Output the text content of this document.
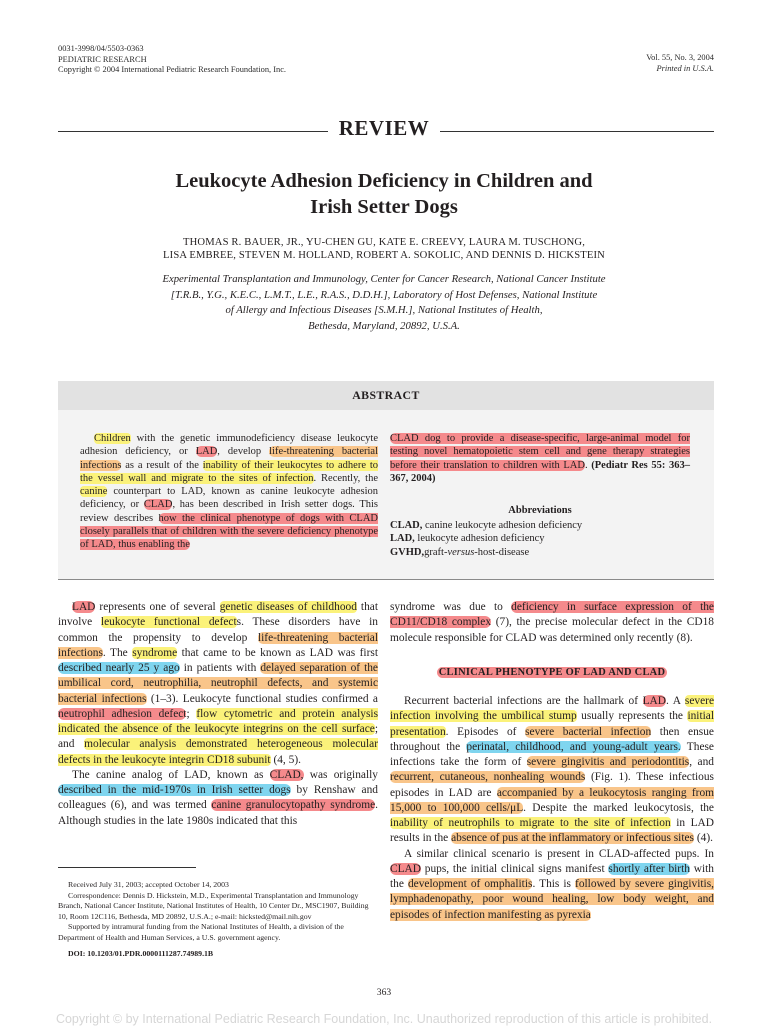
0031-3998/04/5503-0363
PEDIATRIC RESEARCH
Copyright © 2004 International Pediatric Research Foundation, Inc.
Vol. 55, No. 3, 2004
Printed in U.S.A.
REVIEW
Leukocyte Adhesion Deficiency in Children and
Irish Setter Dogs
THOMAS R. BAUER, JR., YU-CHEN GU, KATE E. CREEVY, LAURA M. TUSCHONG,
LISA EMBREE, STEVEN M. HOLLAND, ROBERT A. SOKOLIC, AND DENNIS D. HICKSTEIN
Experimental Transplantation and Immunology, Center for Cancer Research, National Cancer Institute
[T.R.B., Y.G., K.E.C., L.M.T., L.E., R.A.S., D.D.H.], Laboratory of Host Defenses, National Institute
of Allergy and Infectious Diseases [S.M.H.], National Institutes of Health,
Bethesda, Maryland, 20892, U.S.A.
ABSTRACT
Children with the genetic immunodeficiency disease leukocyte adhesion deficiency, or LAD, develop life-threatening bacterial infections as a result of the inability of their leukocytes to adhere to the vessel wall and migrate to the sites of infection. Recently, the canine counterpart to LAD, known as canine leukocyte adhesion deficiency, or CLAD, has been described in Irish setter dogs. This review describes how the clinical phenotype of dogs with CLAD closely parallels that of children with the severe deficiency phenotype of LAD, thus enabling the
CLAD dog to provide a disease-specific, large-animal model for testing novel hematopoietic stem cell and gene therapy strategies before their translation to children with LAD. (Pediatr Res 55: 363–367, 2004)
Abbreviations
CLAD, canine leukocyte adhesion deficiency
LAD, leukocyte adhesion deficiency
GVHD,graft-versus-host-disease

LAD represents one of several genetic diseases of childhood that involve leukocyte functional defects. These disorders have in common the propensity to develop life-threatening bacterial infections. The syndrome that came to be known as LAD was first described nearly 25 y ago in patients with delayed separation of the umbilical cord, neutrophilia, neutrophil defects, and systemic bacterial infections (1–3). Leukocyte functional studies confirmed a neutrophil adhesion defect; flow cytometric and protein analysis indicated the absence of the leukocyte integrins on the cell surface; and molecular analysis demonstrated heterogeneous molecular defects in the leukocyte integrin CD18 subunit (4, 5).

The canine analog of LAD, known as CLAD, was originally described in the mid-1970s in Irish setter dogs by Renshaw and colleagues (6), and was termed canine granulocytopathy syndrome. Although studies in the late 1980s indicated that this

syndrome was due to deficiency in surface expression of the CD11/CD18 complex (7), the precise molecular defect in the CD18 molecule responsible for CLAD was determined only recently (8).

CLINICAL PHENOTYPE OF LAD AND CLAD

Recurrent bacterial infections are the hallmark of LAD. A severe infection involving the umbilical stump usually represents the initial presentation. Episodes of severe bacterial infection then ensue throughout the perinatal, childhood, and young-adult years. These infections take the form of severe gingivitis and periodontitis, and recurrent, cutaneous, nonhealing wounds (Fig. 1). These infectious episodes in LAD are accompanied by a leukocytosis ranging from 15,000 to 100,000 cells/μL. Despite the marked leukocytosis, the inability of neutrophils to migrate to the site of infection in LAD results in the absence of pus at the inflammatory or infectious sites (4).

A similar clinical scenario is present in CLAD-affected pups. In CLAD pups, the initial clinical signs manifest shortly after birth with the development of omphalitis. This is followed by severe gingivitis, lymphadenopathy, poor wound healing, low body weight, and episodes of infection manifesting as pyrexia

Received July 31, 2003; accepted October 14, 2003

Correspondence: Dennis D. Hickstein, M.D., Experimental Transplantation and Immunology Branch, National Cancer Institute, National Institutes of Health, 10 Center Dr., MSC1907, Building 10, Room 12C116, Bethesda, MD 20892, U.S.A.; e-mail: hicksted@mail.nih.gov

Supported by intramural funding from the National Institutes of Health, a division of the Department of Health and Human Services, a U.S. government agency.

DOI: 10.1203/01.PDR.0000111287.74989.1B

363
Copyright © by International Pediatric Research Foundation, Inc. Unauthorized reproduction of this article is prohibited.
